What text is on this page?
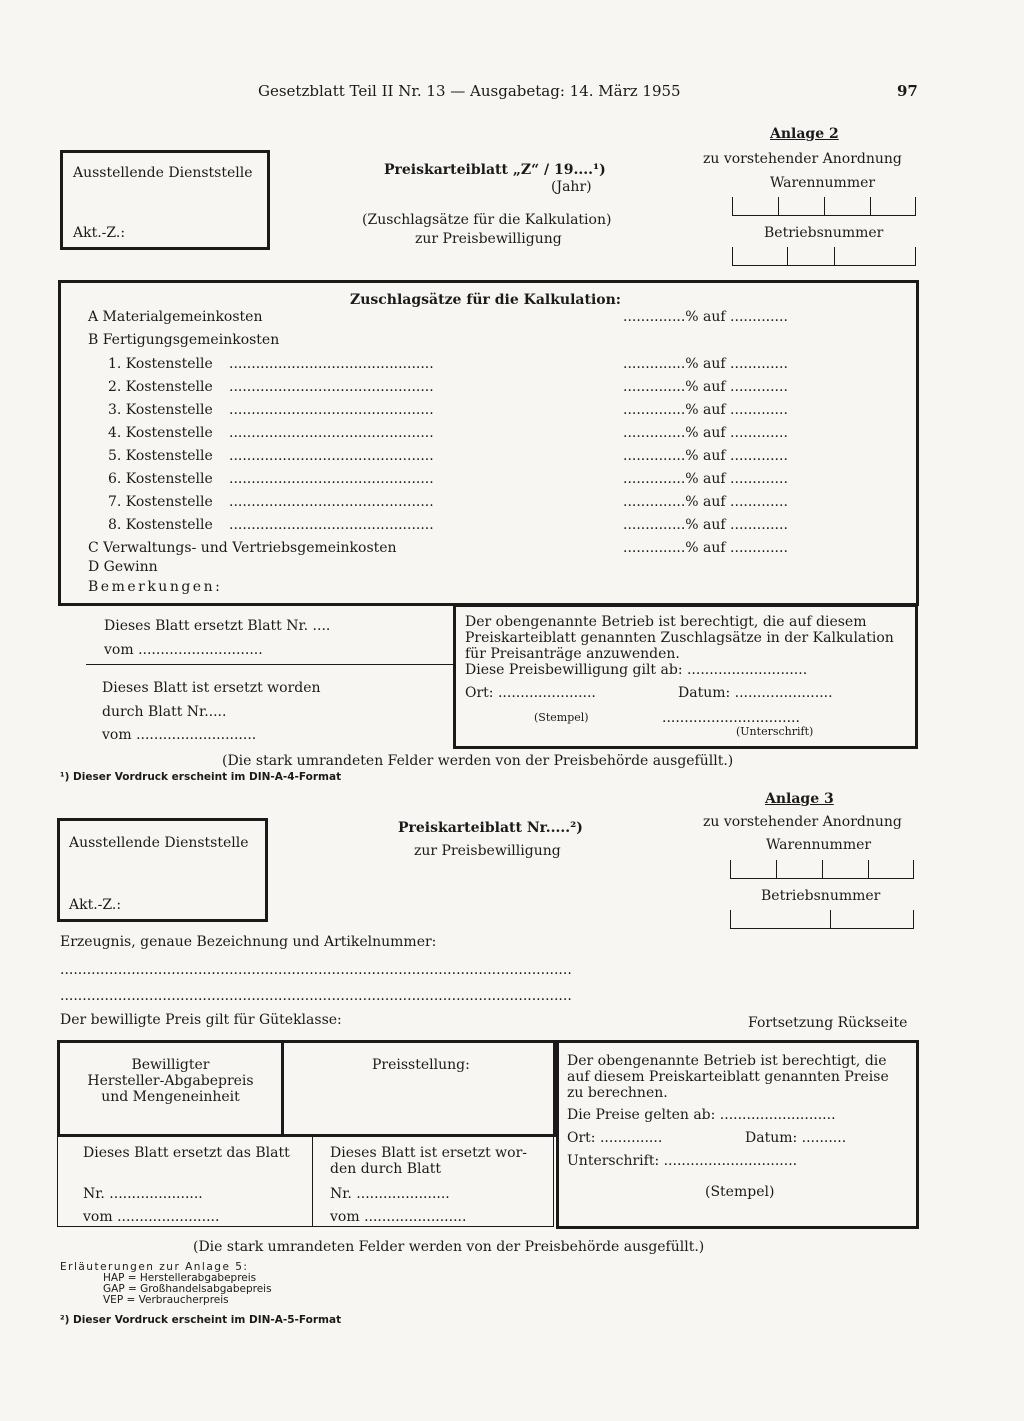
Gesetzblatt Teil II Nr. 13 — Ausgabetag: 14. März 1955	97
Ausstellende Dienststelle
Akt.-Z.:
Preiskarteiblatt „Z“ / 19....¹)
(Jahr)
(Zuschlagsätze für die Kalkulation)
zur Preisbewilligung
Anlage 2
zu vorstehender Anordnung
Warennummer
Betriebsnummer
Zuschlagsätze für die Kalkulation:
A Materialgemeinkosten	..............% auf .............
B Fertigungsgemeinkosten
1. Kostenstelle ..............................................	..............% auf .............
2. Kostenstelle ..............................................	..............% auf .............
3. Kostenstelle ..............................................	..............% auf .............
4. Kostenstelle ..............................................	..............% auf .............
5. Kostenstelle ..............................................	..............% auf .............
6. Kostenstelle ..............................................	..............% auf .............
7. Kostenstelle ..............................................	..............% auf .............
8. Kostenstelle ..............................................	..............% auf .............
C Verwaltungs- und Vertriebsgemeinkosten	..............% auf .............
D Gewinn
Bemerkungen:
Dieses Blatt ersetzt Blatt Nr. ....
vom ............................
Dieses Blatt ist ersetzt worden
durch Blatt Nr.....
vom ...........................
Der obengenannte Betrieb ist berechtigt, die auf diesem
Preiskarteiblatt genannten Zuschlagsätze in der Kalkulation
für Preisanträge anzuwenden.
Diese Preisbewilligung gilt ab: ...........................
Ort: ......................	Datum: ......................
(Stempel)	...............................
(Unterschrift)
(Die stark umrandeten Felder werden von der Preisbehörde ausgefüllt.)
¹) Dieser Vordruck erscheint im DIN-A-4-Format
Anlage 3
zu vorstehender Anordnung
Warennummer
Betriebsnummer
Ausstellende Dienststelle
Akt.-Z.:
Preiskarteiblatt Nr.....²)
zur Preisbewilligung
Erzeugnis, genaue Bezeichnung und Artikelnummer:
...................................................................................................................
...................................................................................................................
Der bewilligte Preis gilt für Güteklasse:	Fortsetzung Rückseite
Bewilligter
Hersteller-Abgabepreis
und Mengeneinheit
Preisstellung:	Der obengenannte Betrieb ist berechtigt, die
auf diesem Preiskarteiblatt genannten Preise
zu berechnen.
Die Preise gelten ab: ..........................
Ort: ..............	Datum: ..........
Unterschrift: ..............................
(Stempel)
Dieses Blatt ersetzt das Blatt
Nr. .....................
vom .......................
Dieses Blatt ist ersetzt wor-
den durch Blatt
Nr. .....................
vom .......................
(Die stark umrandeten Felder werden von der Preisbehörde ausgefüllt.)
Erläuterungen zur Anlage 5:
HAP = Herstellerabgabepreis
GAP = Großhandelsabgabepreis
VEP = Verbraucherpreis
²) Dieser Vordruck erscheint im DIN-A-5-Format
